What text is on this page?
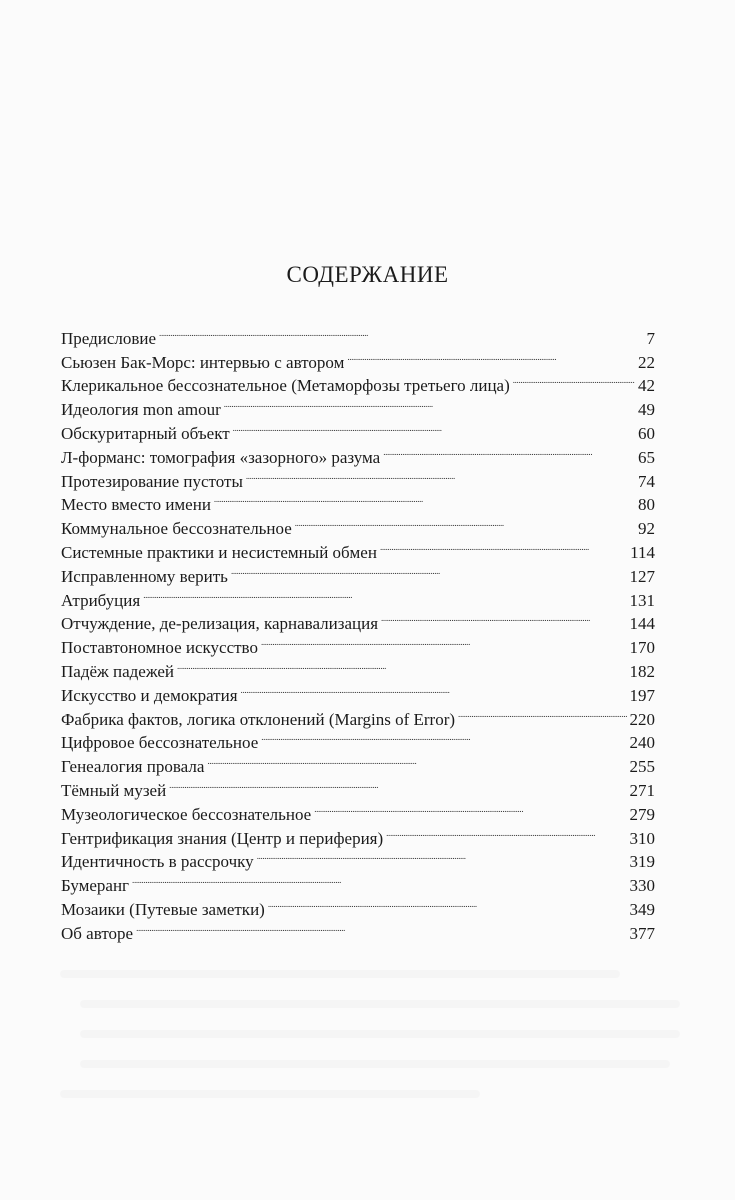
СОДЕРЖАНИЕ
Предисловие . . .	7
Сьюзен Бак-Морс: интервью с автором . . .	22
Клерикальное бессознательное (Метаморфозы третьего лица) . . .	42
Идеология mon amour . . .	49
Обскуритарный объект . . .	60
Л-форманс: томография «зазорного» разума . . .	65
Протезирование пустоты . . .	74
Место вместо имени . . .	80
Коммунальное бессознательное . . .	92
Системные практики и несистемный обмен . . .	114
Исправленному верить . . .	127
Атрибуция . . .	131
Отчуждение, де-релизация, карнавализация . . .	144
Поставтономное искусство . . .	170
Падёж падежей . . .	182
Искусство и демократия . . .	197
Фабрика фактов, логика отклонений (Margins of Error) . . .	220
Цифровое бессознательное . . .	240
Генеалогия провала . . .	255
Тёмный музей . . .	271
Музеологическое бессознательное . . .	279
Гентрификация знания (Центр и периферия) . . .	310
Идентичность в рассрочку . . .	319
Бумеранг . . .	330
Мозаики (Путевые заметки) . . .	349
Об авторе . . .	377
